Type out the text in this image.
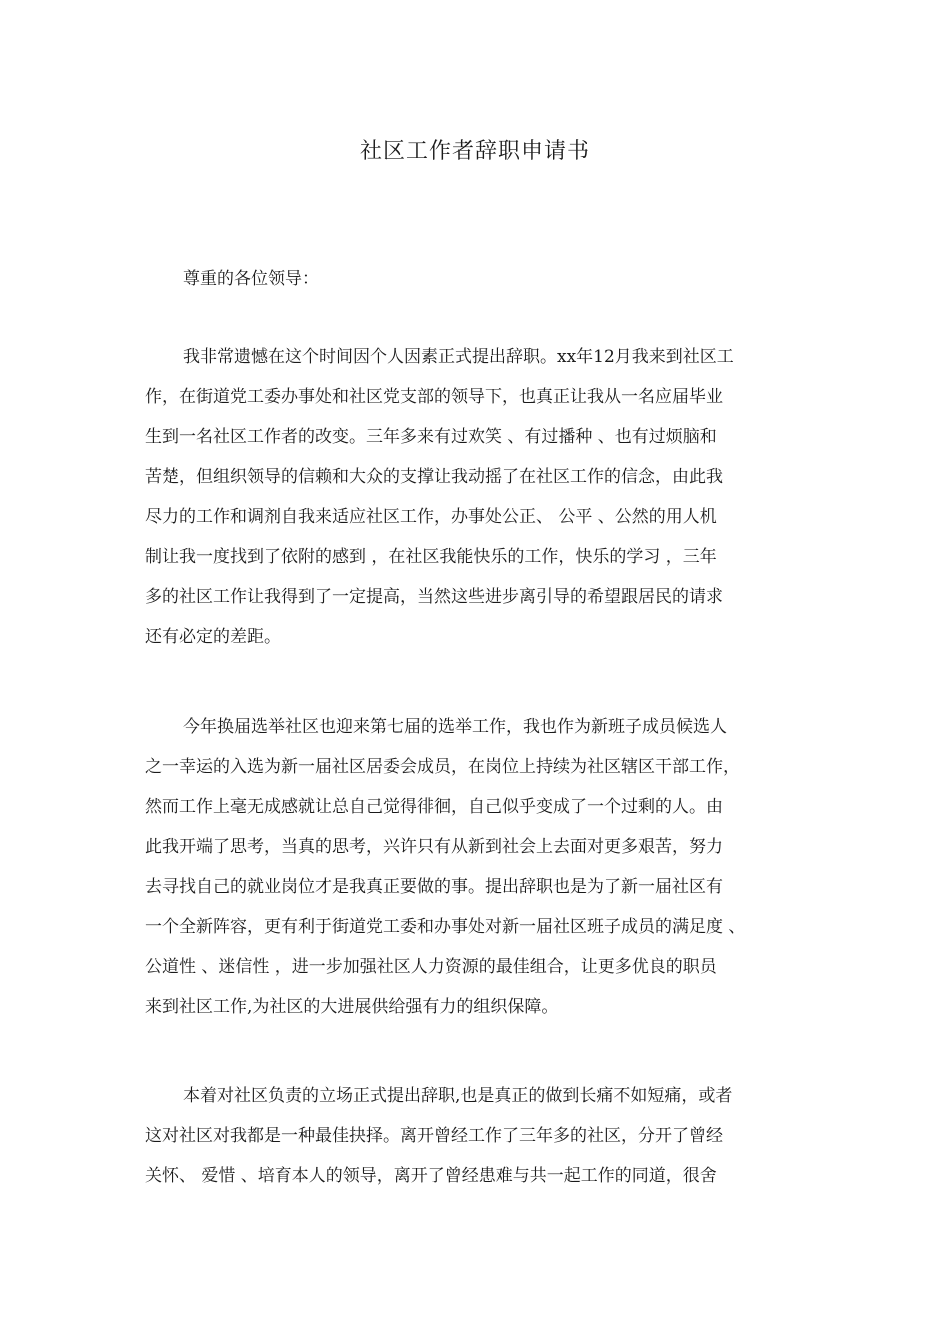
社区工作者辞职申请书
尊重的各位领导：
我非常遗憾在这个时间因个人因素正式提出辞职。xx年12月我来到社区工
作，在街道党工委办事处和社区党支部的领导下，也真正让我从一名应届毕业
生到一名社区工作者的改变。三年多来有过欢笑 、有过播种 、也有过烦脑和
苦楚，但组织领导的信赖和大众的支撑让我动摇了在社区工作的信念，由此我
尽力的工作和调剂自我来适应社区工作，办事处公正、 公平 、公然的用人机
制让我一度找到了依附的感到 ，在社区我能快乐的工作，快乐的学习 ，三年
多的社区工作让我得到了一定提高，当然这些进步离引导的希望跟居民的请求
还有必定的差距。
今年换届选举社区也迎来第七届的选举工作，我也作为新班子成员候选人
之一幸运的入选为新一届社区居委会成员，在岗位上持续为社区辖区干部工作，
然而工作上毫无成感就让总自己觉得徘徊，自己似乎变成了一个过剩的人。由
此我开端了思考，当真的思考，兴许只有从新到社会上去面对更多艰苦，努力
去寻找自己的就业岗位才是我真正要做的事。提出辞职也是为了新一届社区有
一个全新阵容，更有利于街道党工委和办事处对新一届社区班子成员的满足度 、
公道性 、迷信性 ，进一步加强社区人力资源的最佳组合，让更多优良的职员
来到社区工作,为社区的大进展供给强有力的组织保障。
本着对社区负责的立场正式提出辞职,也是真正的做到长痛不如短痛，或者
这对社区对我都是一种最佳抉择。离开曾经工作了三年多的社区，分开了曾经
关怀、 爱惜 、培育本人的领导，离开了曾经患难与共一起工作的同道，很舍
